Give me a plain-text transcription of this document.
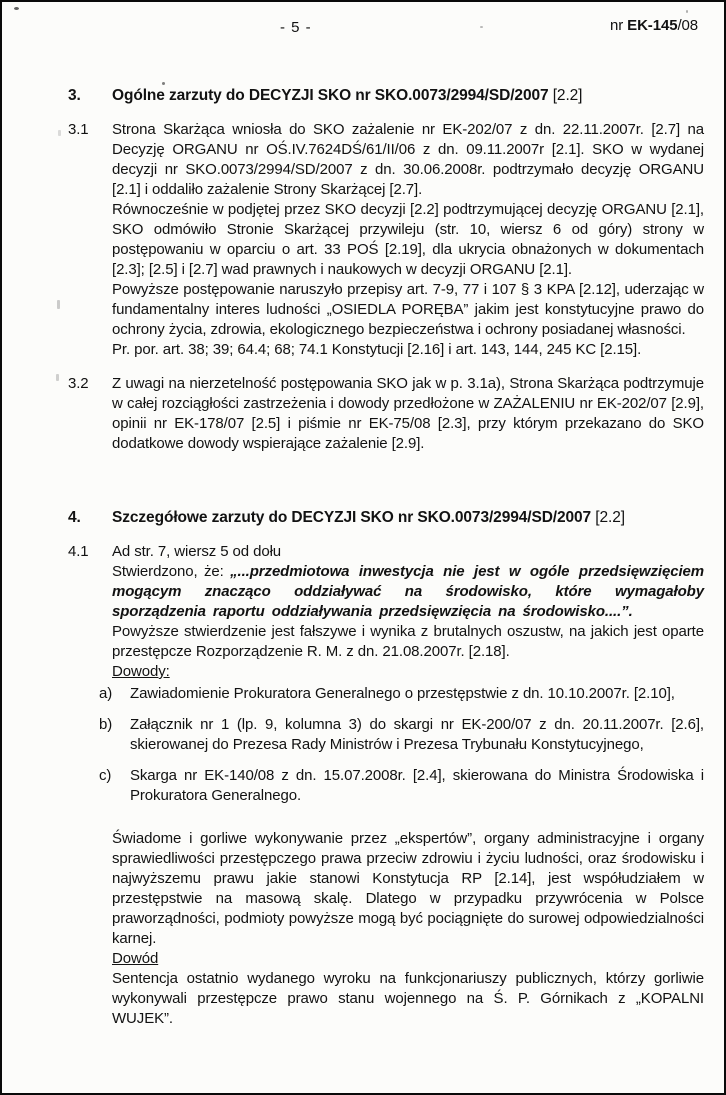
- 5 -	nr EK-145/08
3. Ogólne zarzuty do DECYZJI SKO nr SKO.0073/2994/SD/2007 [2.2]
3.1 Strona Skarżąca wniosła do SKO zażalenie nr EK-202/07 z dn. 22.11.2007r. [2.7] na Decyzję ORGANU nr OŚ.IV.7624DŚ/61/II/06 z dn. 09.11.2007r [2.1]. SKO w wydanej decyzji nr SKO.0073/2994/SD/2007 z dn. 30.06.2008r. podtrzymało decyzję ORGANU [2.1] i oddaliło zażalenie Strony Skarżącej [2.7].
Równocześnie w podjętej przez SKO decyzji [2.2] podtrzymującej decyzję ORGANU [2.1], SKO odmówiło Stronie Skarżącej przywileju (str. 10, wiersz 6 od góry) strony w postępowaniu w oparciu o art. 33 POŚ [2.19], dla ukrycia obnażonych w dokumentach [2.3]; [2.5] i [2.7] wad prawnych i naukowych w decyzji ORGANU [2.1].
Powyższe postępowanie naruszyło przepisy art. 7-9, 77 i 107 § 3 KPA [2.12], uderzając w fundamentalny interes ludności „OSIEDLA PORĘBA” jakim jest konstytucyjne prawo do ochrony życia, zdrowia, ekologicznego bezpieczeństwa i ochrony posiadanej własności.
Pr. por. art. 38; 39; 64.4; 68; 74.1 Konstytucji [2.16] i art. 143, 144, 245 KC [2.15].
3.2 Z uwagi na nierzetelność postępowania SKO jak w p. 3.1a), Strona Skarżąca podtrzymuje w całej rozciągłości zastrzeżenia i dowody przedłożone w ZAŻALENIU nr EK-202/07 [2.9], opinii nr EK-178/07 [2.5] i piśmie nr EK-75/08 [2.3], przy którym przekazano do SKO dodatkowe dowody wspierające zażalenie [2.9].
4. Szczegółowe zarzuty do DECYZJI SKO nr SKO.0073/2994/SD/2007 [2.2]
4.1 Ad str. 7, wiersz 5 od dołu
Stwierdzono, że: „...przedmiotowa inwestycja nie jest w ogóle przedsięwzięciem mogącym znacząco oddziaływać na środowisko, które wymagałoby sporządzenia raportu oddziaływania przedsięwzięcia na środowisko....”.
Powyższe stwierdzenie jest fałszywe i wynika z brutalnych oszustw, na jakich jest oparte przestępcze Rozporządzenie R. M. z dn. 21.08.2007r. [2.18].
Dowody:
a) Zawiadomienie Prokuratora Generalnego o przestępstwie z dn. 10.10.2007r. [2.10],
b) Załącznik nr 1 (lp. 9, kolumna 3) do skargi nr EK-200/07 z dn. 20.11.2007r. [2.6], skierowanej do Prezesa Rady Ministrów i Prezesa Trybunału Konstytucyjnego,
c) Skarga nr EK-140/08 z dn. 15.07.2008r. [2.4], skierowana do Ministra Środowiska i Prokuratora Generalnego.
Świadome i gorliwe wykonywanie przez „ekspertów”, organy administracyjne i organy sprawiedliwości przestępczego prawa przeciw zdrowiu i życiu ludności, oraz środowisku i najwyższemu prawu jakie stanowi Konstytucja RP [2.14], jest współudziałem w przestępstwie na masową skalę. Dlatego w przypadku przywrócenia w Polsce praworządności, podmioty powyższe mogą być pociągnięte do surowej odpowiedzialności karnej.
Dowód
Sentencja ostatnio wydanego wyroku na funkcjonariuszy publicznych, którzy gorliwie wykonywali przestępcze prawo stanu wojennego na Ś. P. Górnikach z „KOPALNI WUJEK”.
